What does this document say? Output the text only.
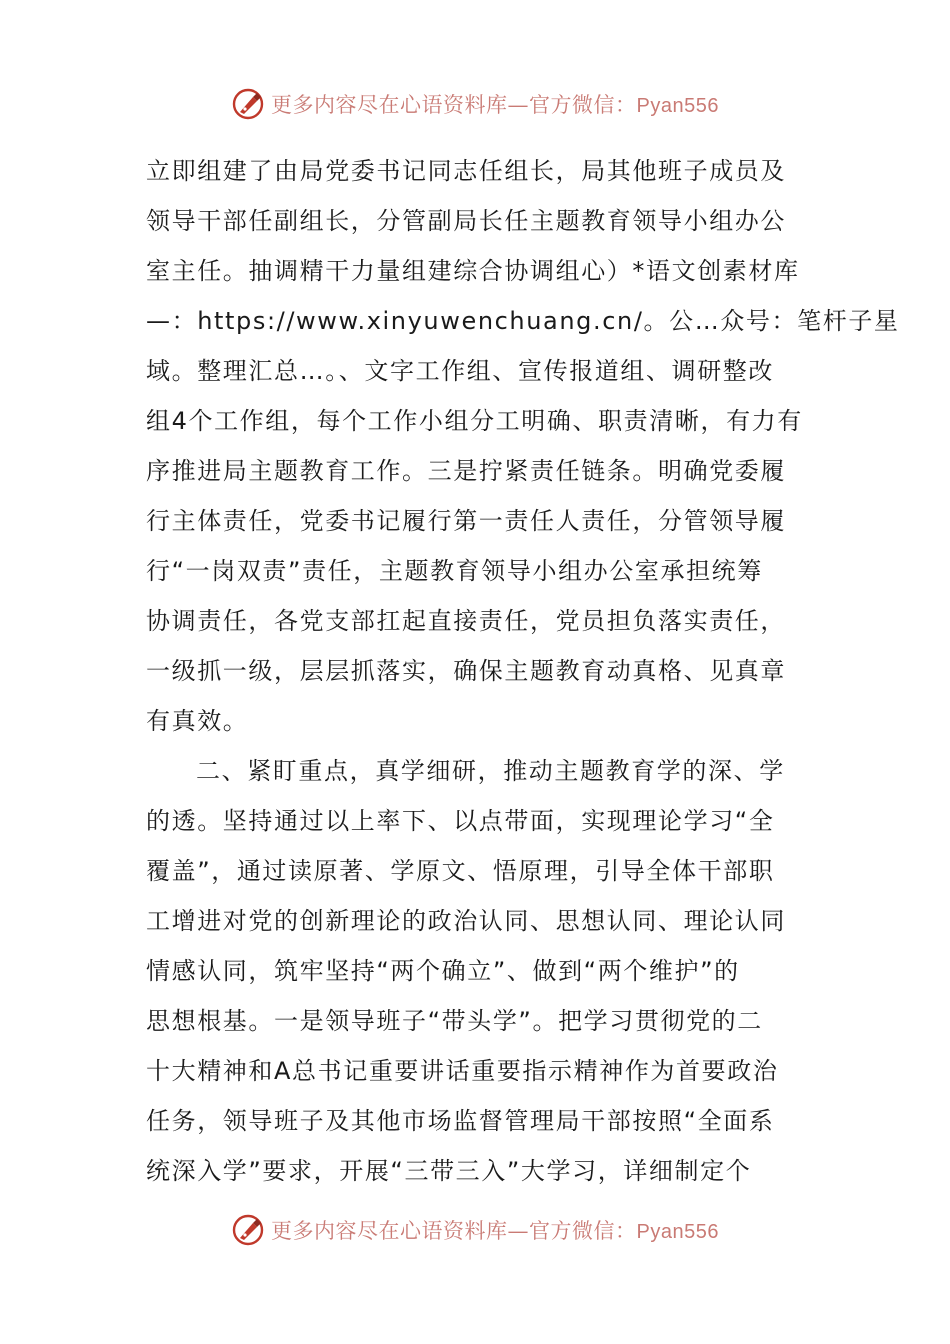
更多内容尽在心语资料库—官方微信：Pyan556
立即组建了由局党委书记同志任组长，局其他班子成员及
领导干部任副组长，分管副局长任主题教育领导小组办公
室主任。抽调精干力量组建综合协调组心）*语文创素材库
—：https://www.xinyuwenchuang.cn/。公…众号：笔杆子星
域。整理汇总…。、文字工作组、宣传报道组、调研整改
组4个工作组，每个工作小组分工明确、职责清晰，有力有
序推进局主题教育工作。三是拧紧责任链条。明确党委履
行主体责任，党委书记履行第一责任人责任，分管领导履
行“一岗双责”责任，主题教育领导小组办公室承担统筹
协调责任，各党支部扛起直接责任，党员担负落实责任，
一级抓一级，层层抓落实，确保主题教育动真格、见真章
有真效。
二、紧盯重点，真学细研，推动主题教育学的深、学
的透。坚持通过以上率下、以点带面，实现理论学习“全
覆盖”，通过读原著、学原文、悟原理，引导全体干部职
工增进对党的创新理论的政治认同、思想认同、理论认同
情感认同，筑牢坚持“两个确立”、做到“两个维护”的
思想根基。一是领导班子“带头学”。把学习贯彻党的二
十大精神和A总书记重要讲话重要指示精神作为首要政治
任务，领导班子及其他市场监督管理局干部按照“全面系
统深入学”要求，开展“三带三入”大学习，详细制定个
更多内容尽在心语资料库—官方微信：Pyan556
